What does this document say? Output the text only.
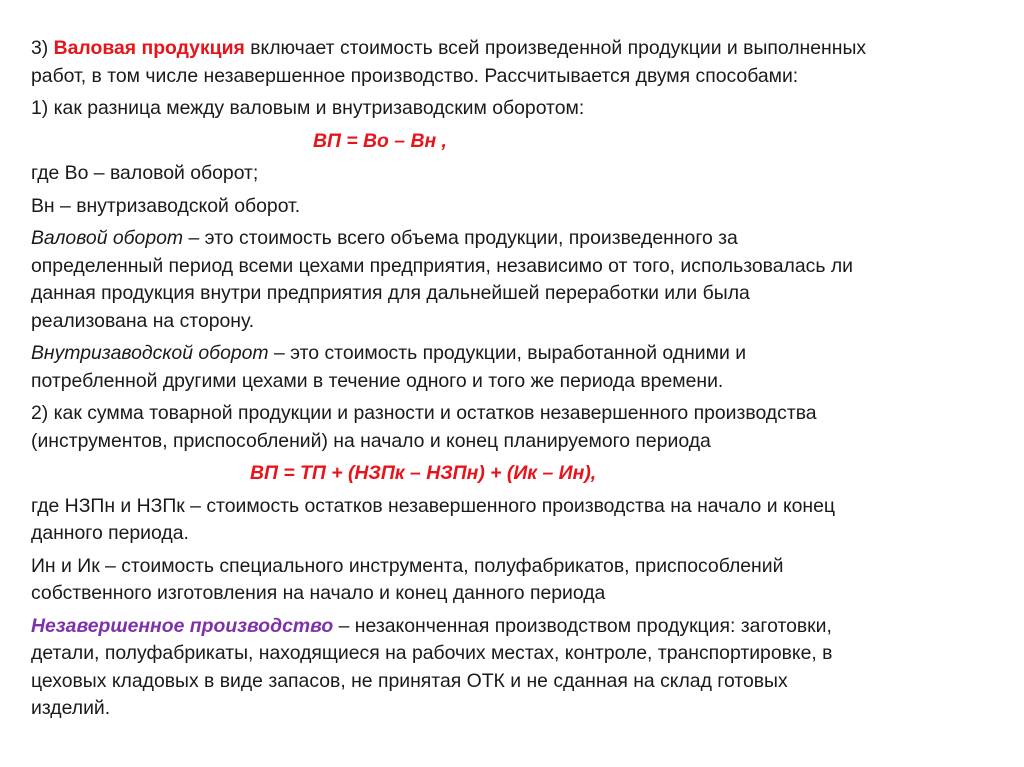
3) Валовая продукция включает стоимость всей произведенной продукции и выполненных
работ, в том числе незавершенное производство. Рассчитывается двумя способами:
1) как разница между валовым и внутризаводским оборотом:
ВП = Во – Вн ,
где Во – валовой оборот;
Вн – внутризаводской оборот.
Валовой оборот – это стоимость всего объема продукции, произведенного за
определенный период всеми цехами предприятия, независимо от того, использовалась ли
данная продукция внутри предприятия для дальнейшей переработки или была
реализована на сторону.
Внутризаводской оборот – это стоимость продукции, выработанной одними и
потребленной другими цехами в течение одного и того же периода времени.
2) как сумма товарной продукции и разности и остатков незавершенного производства
(инструментов, приспособлений) на начало и конец планируемого периода
ВП = ТП + (НЗПк – НЗПн) + (Ик – Ин),
где НЗПн и НЗПк – стоимость остатков незавершенного производства на начало и конец
данного периода.
Ин и Ик – стоимость специального инструмента, полуфабрикатов, приспособлений
собственного изготовления на начало и конец данного периода
Незавершенное производство – незаконченная производством продукция: заготовки,
детали, полуфабрикаты, находящиеся на рабочих местах, контроле, транспортировке, в
цеховых кладовых в виде запасов, не принятая ОТК и не сданная на склад готовых
изделий.
